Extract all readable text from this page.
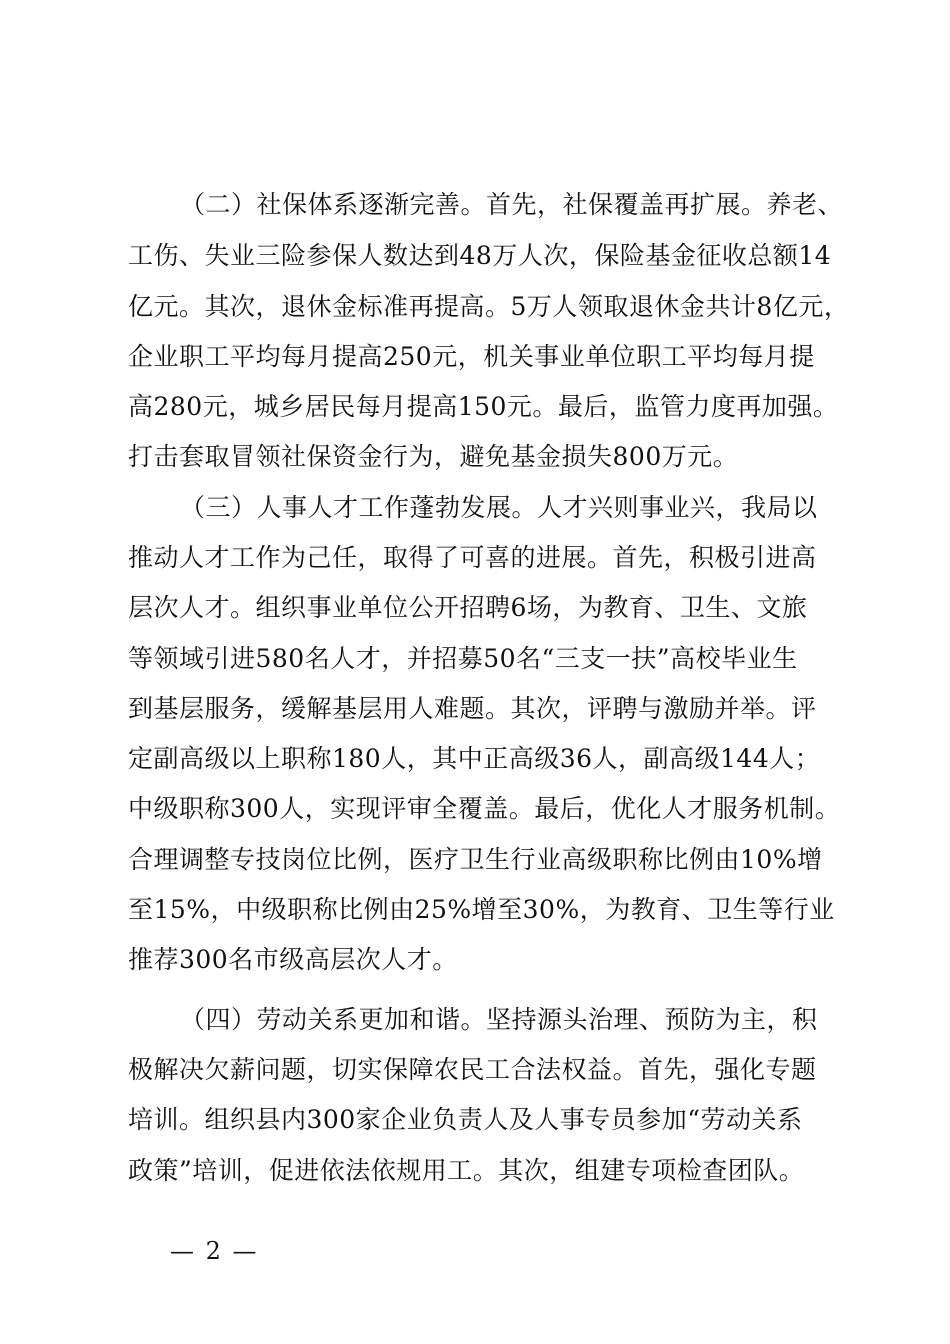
（二）社保体系逐渐完善。首先，社保覆盖再扩展。养老、
工伤、失业三险参保人数达到48万人次，保险基金征收总额14
亿元。其次，退休金标准再提高。5万人领取退休金共计8亿元，
企业职工平均每月提高250元，机关事业单位职工平均每月提
高280元，城乡居民每月提高150元。最后，监管力度再加强。
打击套取冒领社保资金行为，避免基金损失800万元。
（三）人事人才工作蓬勃发展。人才兴则事业兴，我局以
推动人才工作为己任，取得了可喜的进展。首先，积极引进高
层次人才。组织事业单位公开招聘6场，为教育、卫生、文旅
等领域引进580名人才，并招募50名“三支一扶”高校毕业生
到基层服务，缓解基层用人难题。其次，评聘与激励并举。评
定副高级以上职称180人，其中正高级36人，副高级144人；
中级职称300人，实现评审全覆盖。最后，优化人才服务机制。
合理调整专技岗位比例，医疗卫生行业高级职称比例由10%增
至15%，中级职称比例由25%增至30%，为教育、卫生等行业
推荐300名市级高层次人才。
（四）劳动关系更加和谐。坚持源头治理、预防为主，积
极解决欠薪问题，切实保障农民工合法权益。首先，强化专题
培训。组织县内300家企业负责人及人事专员参加“劳动关系
政策”培训，促进依法依规用工。其次，组建专项检查团队。
— 2 —
